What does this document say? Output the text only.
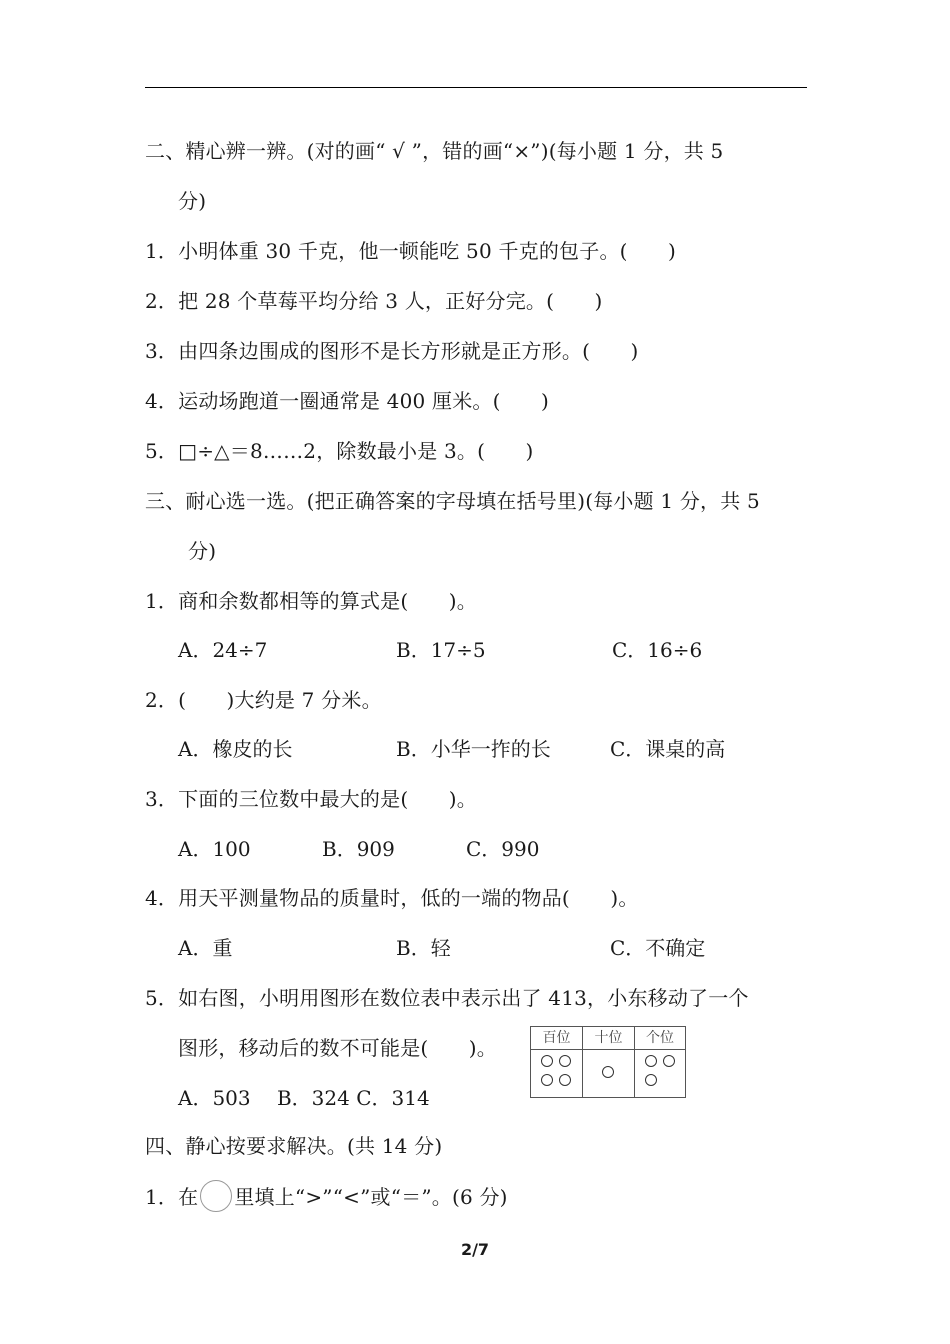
二、精心辨一辨。(对的画“ √ ”，错的画“×”)(每小题 1 分，共 5
分)
1．小明体重 30 千克，他一顿能吃 50 千克的包子。(　　)
2．把 28 个草莓平均分给 3 人，正好分完。(　　)
3．由四条边围成的图形不是长方形就是正方形。(　　)
4．运动场跑道一圈通常是 400 厘米。(　　)
5．□÷△＝8……2，除数最小是 3。(　　)
三、耐心选一选。(把正确答案的字母填在括号里)(每小题 1 分，共 5
分)
1．商和余数都相等的算式是(　　)。
A．24÷7	B．17÷5	C．16÷6
2．(　　)大约是 7 分米。
A．橡皮的长	B．小华一拃的长	C．课桌的高
3．下面的三位数中最大的是(　　)。
A．100	B．909	C．990
4．用天平测量物品的质量时，低的一端的物品(　　)。
A．重	B．轻	C．不确定
5．如右图，小明用图形在数位表中表示出了 413，小东移动了一个
图形，移动后的数不可能是(　　)。
A．503　 B．324 C．314
百位	十位	个位
四、静心按要求解决。(共 14 分)
1．在 里填上“>”“<”或“＝”。(6 分)
2/7
